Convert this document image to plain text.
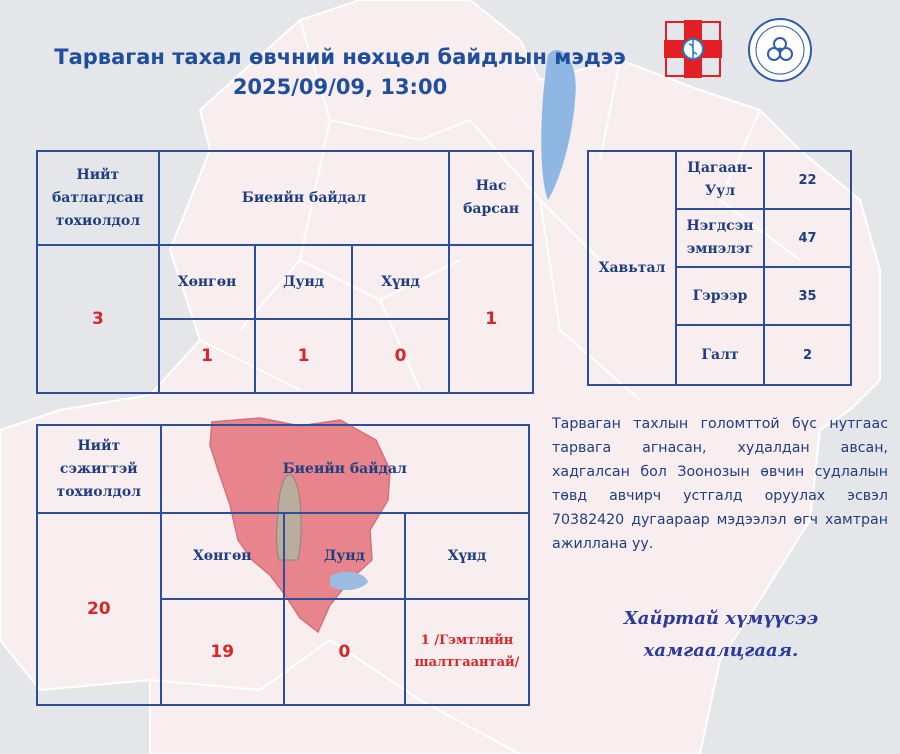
Тарваган тахал өвчний нөхцөл байдлын мэдээ
2025/09/09, 13:00
Нийт батлагдсан тохиолдол	Биеийн байдал			Нас барсан
3	Хөнгөн	Дунд	Хүнд	1
	1	1	0	
Нийт сэжигтэй тохиолдол	Биеийн байдал		
20	Хөнгөн	Дунд	Хүнд
	19	0	1 /Гэмтлийн шалтгаантай/
Хавьтал	Цагаан-Уул	22
	Нэгдсэн эмнэлэг	47
	Гэрээр	35
	Галт	2
Тарваган тахлын голомттой бүс нутгаас тарвага агнасан, худалдан авсан, хадгалсан бол Зоонозын өвчин судлалын төвд авчирч устгалд оруулах эсвэл 70382420 дугаараар мэдээлэл өгч хамтран ажиллана уу.
Хайртай хүмүүсээ хамгаалцгаая.
